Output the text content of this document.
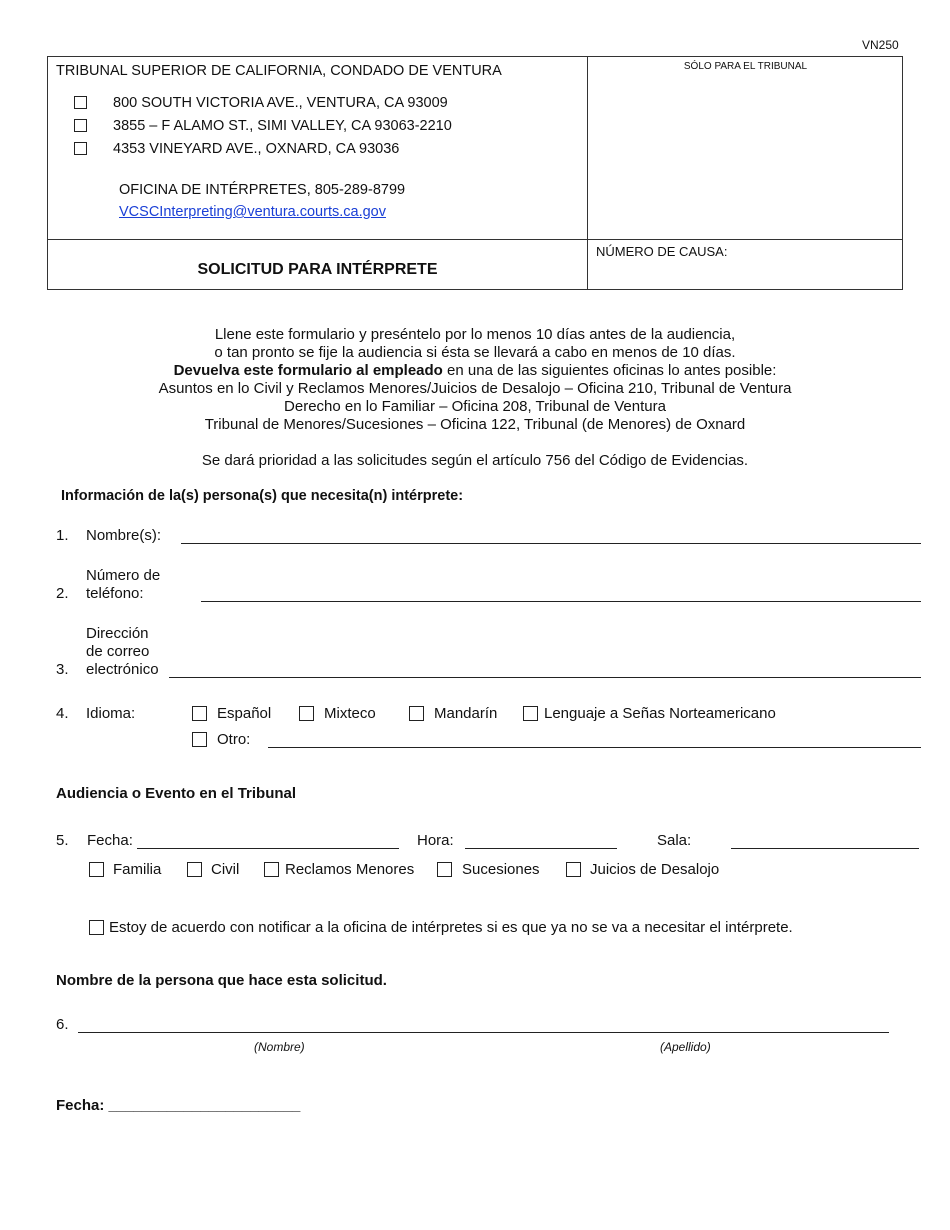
VN250
TRIBUNAL SUPERIOR DE CALIFORNIA, CONDADO DE VENTURA
800 SOUTH VICTORIA AVE., VENTURA, CA 93009
3855 – F ALAMO ST., SIMI VALLEY, CA 93063-2210
4353 VINEYARD AVE., OXNARD, CA 93036
OFICINA DE INTÉRPRETES, 805-289-8799
VCSCInterpreting@ventura.courts.ca.gov
SÓLO PARA EL TRIBUNAL
SOLICITUD PARA INTÉRPRETE
NÚMERO DE CAUSA:
Llene este formulario y preséntelo por lo menos 10 días antes de la audiencia,
o tan pronto se fije la audiencia si ésta se llevará a cabo en menos de 10 días.
Devuelva este formulario al empleado en una de las siguientes oficinas lo antes posible:
Asuntos en lo Civil y Reclamos Menores/Juicios de Desalojo – Oficina 210, Tribunal de Ventura
Derecho en lo Familiar – Oficina 208, Tribunal de Ventura
Tribunal de Menores/Sucesiones – Oficina 122, Tribunal (de Menores) de Oxnard
Se dará prioridad a las solicitudes según el artículo 756 del Código de Evidencias.
Información de la(s) persona(s) que necesita(n) intérprete:
1. Nombre(s):
Número de
2. teléfono:
Dirección
de correo
3. electrónico
4. Idioma:	Español	Mixteco	Mandarín	Lenguaje a Señas Norteamericano
Otro:
Audiencia o Evento en el Tribunal
5. Fecha:	Hora:	Sala:
Familia	Civil	Reclamos Menores	Sucesiones	Juicios de Desalojo
Estoy de acuerdo con notificar a la oficina de intérpretes si es que ya no se va a necesitar el intérprete.
Nombre de la persona que hace esta solicitud.
6.
(Nombre)	(Apellido)
Fecha: _______________________
